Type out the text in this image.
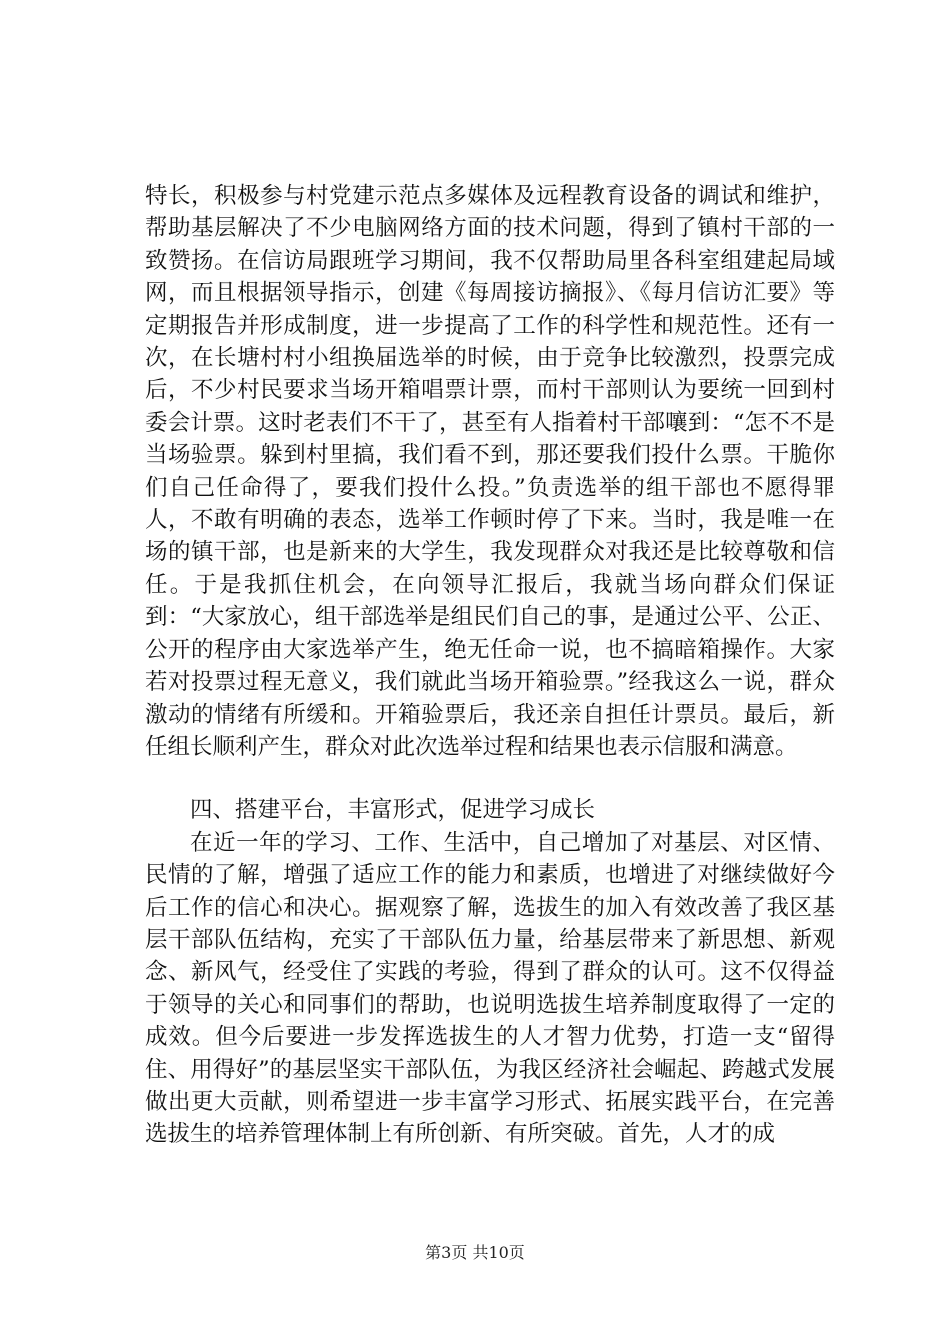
特长，积极参与村党建示范点多媒体及远程教育设备的调试和维护，帮助基层解决了不少电脑网络方面的技术问题，得到了镇村干部的一致赞扬。在信访局跟班学习期间，我不仅帮助局里各科室组建起局域网，而且根据领导指示，创建《每周接访摘报》、《每月信访汇要》等定期报告并形成制度，进一步提高了工作的科学性和规范性。还有一次，在长塘村村小组换届选举的时候，由于竞争比较激烈，投票完成后，不少村民要求当场开箱唱票计票，而村干部则认为要统一回到村委会计票。这时老表们不干了，甚至有人指着村干部嚷到：“怎不不是当场验票。躲到村里搞，我们看不到，那还要我们投什么票。干脆你们自己任命得了，要我们投什么投。”负责选举的组干部也不愿得罪人，不敢有明确的表态，选举工作顿时停了下来。当时，我是唯一在场的镇干部，也是新来的大学生，我发现群众对我还是比较尊敬和信任。于是我抓住机会，在向领导汇报后，我就当场向群众们保证到：“大家放心，组干部选举是组民们自己的事，是通过公平、公正、公开的程序由大家选举产生，绝无任命一说，也不搞暗箱操作。大家若对投票过程无意义，我们就此当场开箱验票。”经我这么一说，群众激动的情绪有所缓和。开箱验票后，我还亲自担任计票员。最后，新任组长顺利产生，群众对此次选举过程和结果也表示信服和满意。

四、搭建平台，丰富形式，促进学习成长

在近一年的学习、工作、生活中，自己增加了对基层、对区情、民情的了解，增强了适应工作的能力和素质，也增进了对继续做好今后工作的信心和决心。据观察了解，选拔生的加入有效改善了我区基层干部队伍结构，充实了干部队伍力量，给基层带来了新思想、新观念、新风气，经受住了实践的考验，得到了群众的认可。这不仅得益于领导的关心和同事们的帮助，也说明选拔生培养制度取得了一定的成效。但今后要进一步发挥选拔生的人才智力优势，打造一支“留得住、用得好”的基层坚实干部队伍，为我区经济社会崛起、跨越式发展做出更大贡献，则希望进一步丰富学习形式、拓展实践平台，在完善选拔生的培养管理体制上有所创新、有所突破。首先，人才的成

第3页 共10页
